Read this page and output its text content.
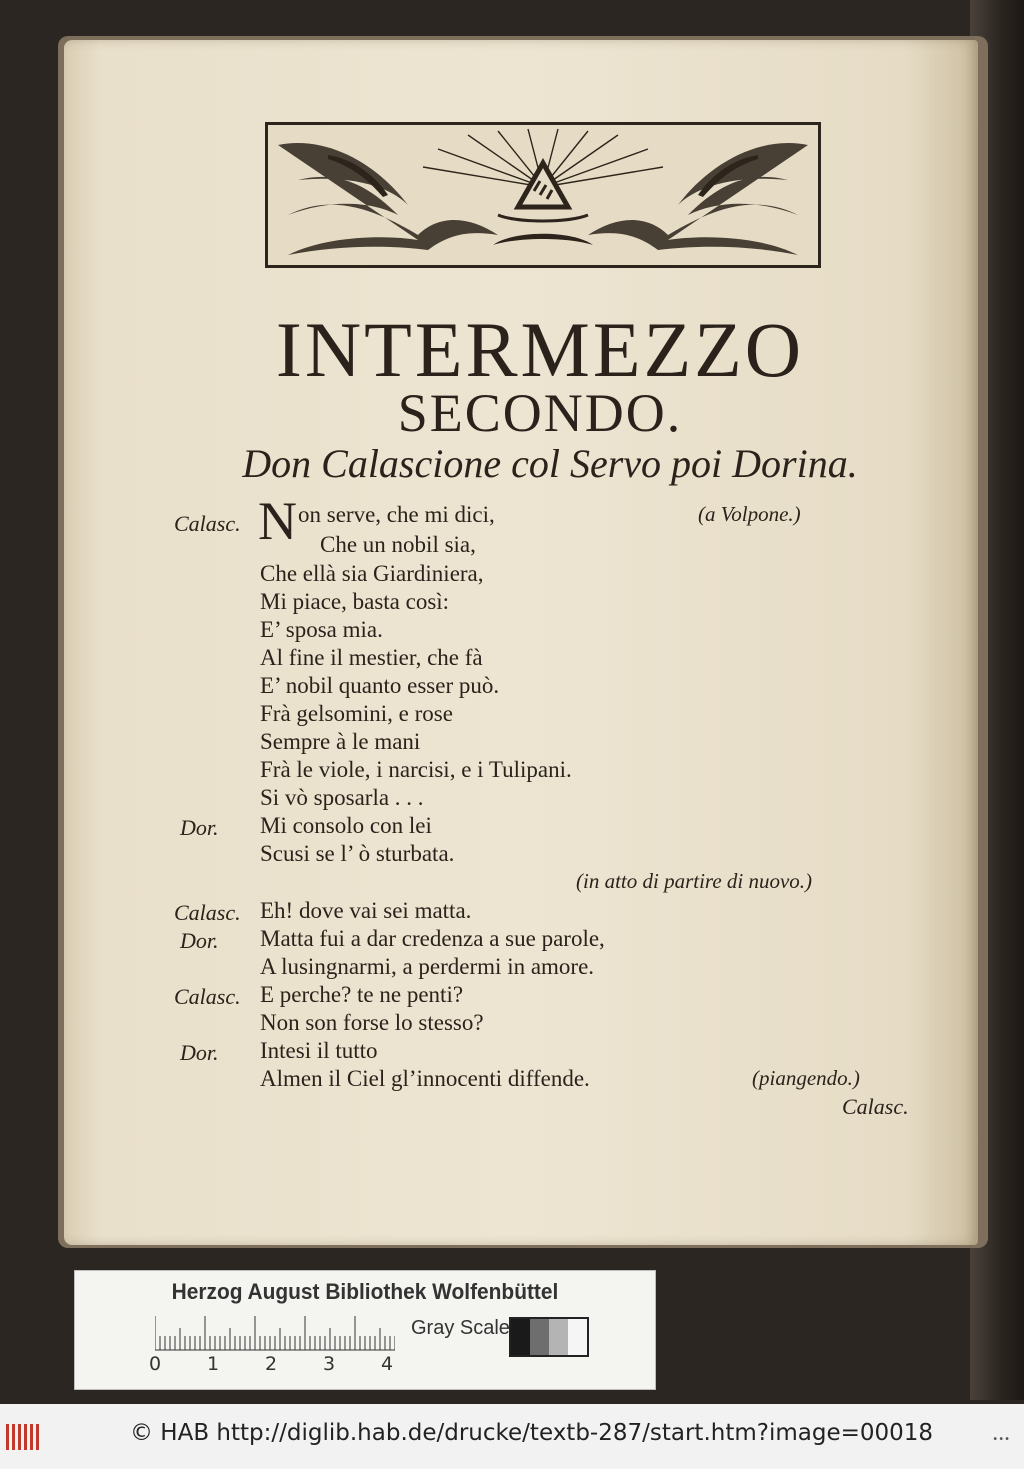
INTERMEZZO
SECONDO.
Don Calascione col Servo poi Dorina.
Calasc. N on serve, che mi dici,	(a Volpone.)
Che un nobil sia,
Che ellà sia Giardiniera,
Mi piace, basta così:
E’ sposa mia.
Al fine il mestier, che fà
E’ nobil quanto esser può.
Frà gelsomini, e rose
Sempre à le mani
Frà le viole, i narcisi, e i Tulipani.
Si vò sposarla . . .
Dor. Mi consolo con lei
Scusi se l’ ò sturbata.
(in atto di partire di nuovo.)
Calasc. Eh! dove vai sei matta.
Dor. Matta fui a dar credenza a sue parole,
A lusingnarmi, a perdermi in amore.
Calasc. E perche? te ne penti?
Non son forse lo stesso?
Dor. Intesi il tutto
Almen il Ciel gl’innocenti diffende.	(piangendo.)
Calasc.
Herzog August Bibliothek Wolfenbüttel
0 1 2 3 4
Gray Scale
© HAB http://diglib.hab.de/drucke/textb-287/start.htm?image=00018	•••
